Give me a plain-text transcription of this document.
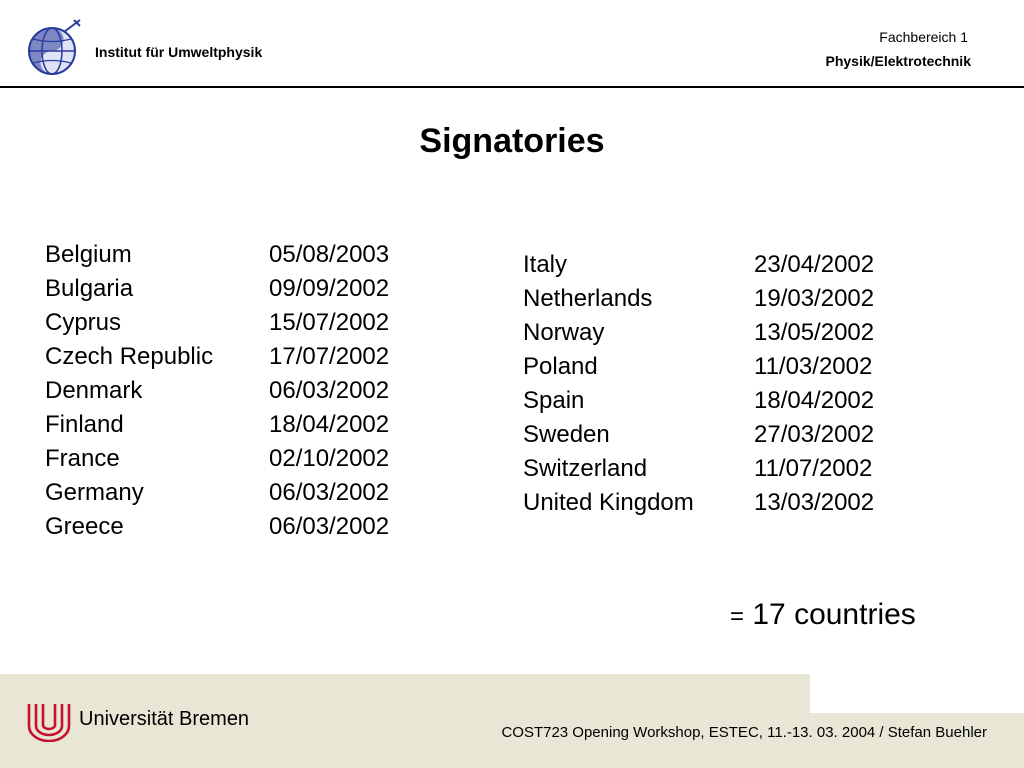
Institut für Umweltphysik
Fachbereich 1
Physik/Elektrotechnik
Signatories
Belgium	05/08/2003
Bulgaria	09/09/2002
Cyprus	15/07/2002
Czech Republic	17/07/2002
Denmark	06/03/2002
Finland	18/04/2002
France	02/10/2002
Germany	06/03/2002
Greece	06/03/2002
Italy	23/04/2002
Netherlands	19/03/2002
Norway	13/05/2002
Poland	11/03/2002
Spain	18/04/2002
Sweden	27/03/2002
Switzerland	11/07/2002
United Kingdom	13/03/2002
= 17 countries
Universität Bremen
COST723 Opening Workshop, ESTEC, 11.-13. 03. 2004 / Stefan Buehler
